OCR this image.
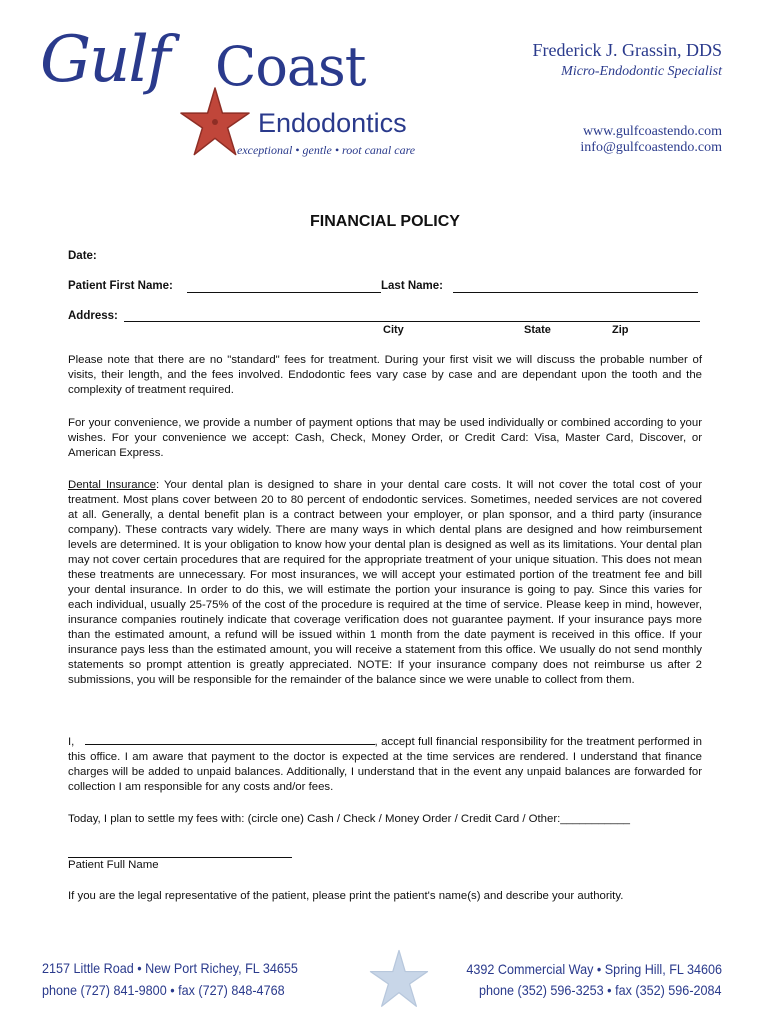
Gulf Coast
Endodontics
exceptional • gentle • root canal care
Frederick J. Grassin, DDS
Micro-Endodontic Specialist
www.gulfcoastendo.com
info@gulfcoastendo.com
FINANCIAL POLICY
Date:
Patient First Name:	Last Name:
Address:
City	State	Zip
Please note that there are no "standard" fees for treatment. During your first visit we will discuss the probable number of visits, their length, and the fees involved. Endodontic fees vary case by case and are dependant upon the tooth and the complexity of treatment required.
For your convenience, we provide a number of payment options that may be used individually or combined according to your wishes. For your convenience we accept: Cash, Check, Money Order, or Credit Card: Visa, Master Card, Discover, or American Express.
Dental Insurance: Your dental plan is designed to share in your dental care costs. It will not cover the total cost of your treatment. Most plans cover between 20 to 80 percent of endodontic services. Sometimes, needed services are not covered at all. Generally, a dental benefit plan is a contract between your employer, or plan sponsor, and a third party (insurance company). These contracts vary widely. There are many ways in which dental plans are designed and how reimbursement levels are determined. It is your obligation to know how your dental plan is designed as well as its limitations. Your dental plan may not cover certain procedures that are required for the appropriate treatment of your unique situation. This does not mean these treatments are unnecessary. For most insurances, we will accept your estimated portion of the treatment fee and bill your dental insurance. In order to do this, we will estimate the portion your insurance is going to pay. Since this varies for each individual, usually 25-75% of the cost of the procedure is required at the time of service. Please keep in mind, however, insurance companies routinely indicate that coverage verification does not guarantee payment. If your insurance pays more than the estimated amount, a refund will be issued within 1 month from the date payment is received in this office. If your insurance pays less than the estimated amount, you will receive a statement from this office. We usually do not send monthly statements so prompt attention is greatly appreciated. NOTE: If your insurance company does not reimburse us after 2 submissions, you will be responsible for the remainder of the balance since we were unable to collect from them.
I,	, accept full financial responsibility for the treatment performed in this office. I am aware that payment to the doctor is expected at the time services are rendered. I understand that finance charges will be added to unpaid balances. Additionally, I understand that in the event any unpaid balances are forwarded for collection I am responsible for any costs and/or fees.
Today, I plan to settle my fees with: (circle one) Cash / Check / Money Order / Credit Card / Other:___________
Patient Full Name
If you are the legal representative of the patient, please print the patient's name(s) and describe your authority.
2157 Little Road • New Port Richey, FL 34655
phone (727) 841-9800 • fax (727) 848-4768
4392 Commercial Way • Spring Hill, FL 34606
phone (352) 596-3253 • fax (352) 596-2084
